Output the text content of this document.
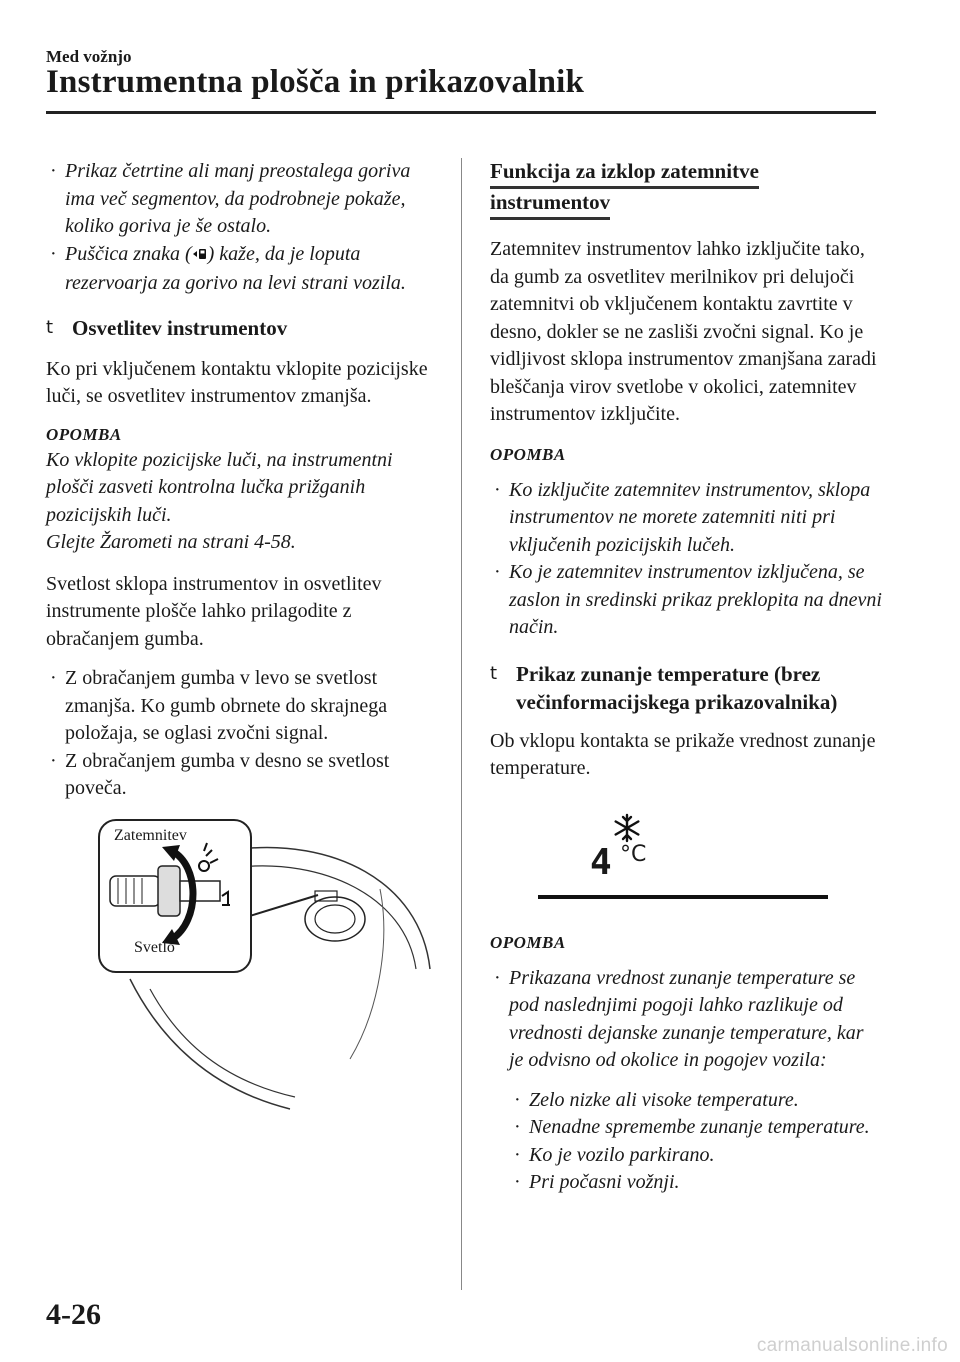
Med vožnjo
Instrumentna plošča in prikazovalnik
· Prikaz četrtine ali manj preostalega goriva ima več segmentov, da podrobneje pokaže, koliko goriva je še ostalo.
· Puščica znaka ( ) kaže, da je loputa rezervoarja za gorivo na levi strani vozila.
t Osvetlitev instrumentov

Ko pri vključenem kontaktu vklopite pozicijske luči, se osvetlitev instrumentov zmanjša.

OPOMBA

Ko vklopite pozicijske luči, na instrumentni plošči zasveti kontrolna lučka prižganih pozicijskih luči.

Glejte Žarometi na strani 4-58.

Svetlost sklopa instrumentov in osvetlitev instrumente plošče lahko prilagodite z obračanjem gumba.

· Z obračanjem gumba v levo se svetlost zmanjša. Ko gumb obrnete do skrajnega položaja, se oglasi zvočni signal.
· Z obračanjem gumba v desno se svetlost poveča.
Zatemnitev
Svetlo
Funkcija za izklop zatemnitve
instrumentov

Zatemnitev instrumentov lahko izključite tako, da gumb za osvetlitev merilnikov pri delujoči zatemnitvi ob vključenem kontaktu zavrtite v desno, dokler se ne zasliši zvočni signal. Ko je vidljivost sklopa instrumentov zmanjšana zaradi bleščanja virov svetlobe v okolici, zatemnitev instrumentov izključite.

OPOMBA
· Ko izključite zatemnitev instrumentov, sklopa instrumentov ne morete zatemniti niti pri vključenih pozicijskih lučeh.
· Ko je zatemnitev instrumentov izključena, se zaslon in sredinski prikaz preklopita na dnevni način.
t Prikaz zunanje temperature (brez večinformacijskega prikazovalnika)

Ob vklopu kontakta se prikaže vrednost zunanje temperature.

4 °C
OPOMBA
· Prikazana vrednost zunanje temperature se pod naslednjimi pogoji lahko razlikuje od vrednosti dejanske zunanje temperature, kar je odvisno od okolice in pogojev vozila:
· Zelo nizke ali visoke temperature.
· Nenadne spremembe zunanje temperature.
· Ko je vozilo parkirano.
· Pri počasni vožnji.
4-26
carmanualsonline.info
